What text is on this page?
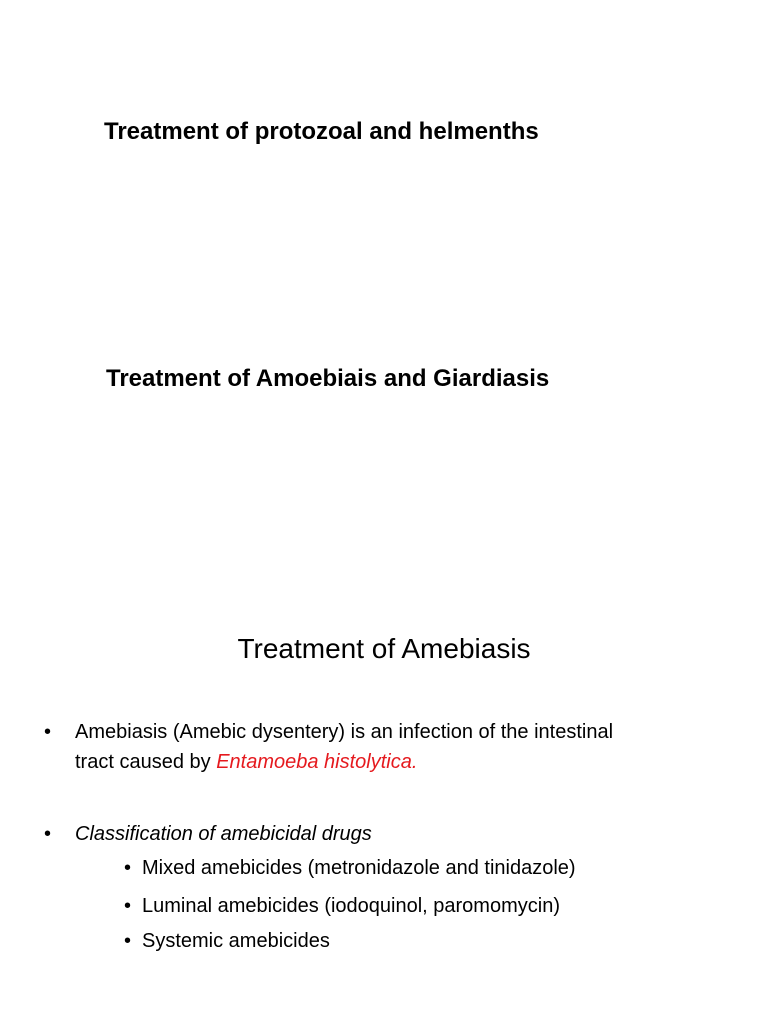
Treatment of protozoal and helmenths
Treatment of Amoebiais and Giardiasis
Treatment of Amebiasis
• Amebiasis (Amebic dysentery) is an infection of the intestinal
tract caused by Entamoeba histolytica.
• Classification of amebicidal drugs
• Mixed amebicides (metronidazole and tinidazole)
• Luminal amebicides (iodoquinol, paromomycin)
• Systemic amebicides
